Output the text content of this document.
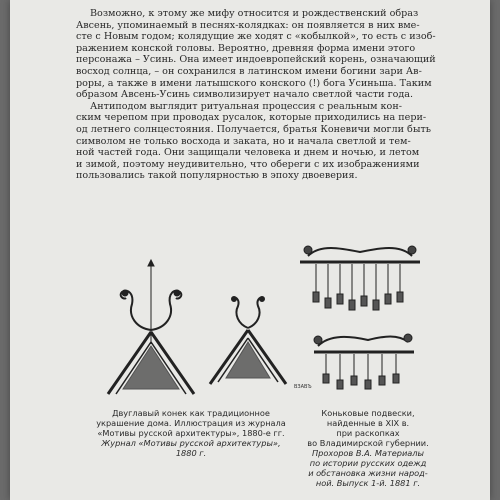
Возможно, к этому же мифу относится и рождественский образ
Авсень, упоминаемый в песнях-колядках: он появляется в них вме-
сте с Новым годом; колядущие же ходят с «кобылкой», то есть с изоб-
ражением конской головы. Вероятно, древняя форма имени этого
персонажа – Усинь. Она имеет индоевропейский корень, означающий
восход солнца, – он сохранился в латинском имени богини зари Ав-
роры, а также в имени латышского конского (!) бога Усиньша. Таким
образом Авсень-Усинь символизирует начало светлой части года.
Антиподом выглядит ритуальная процессия с реальным кон-
ским черепом при проводах русалок, которые приходились на пери-
од летнего солнцестояния. Получается, братья Коневичи могли быть
символом не только восхода и заката, но и начала светлой и тем-
ной частей года. Они защищали человека и днем и ночью, и летом
и зимой, поэтому неудивительно, что обереги с их изображениями
пользовались такой популярностью в эпоху двоеверия.
ВЗАВЪ
Двуглавый конек как традиционное
украшение дома. Иллюстрация из журнала
«Мотивы русской архитектуры», 1880-е гг.
Журнал «Мотивы русской архитектуры»,
1880 г.
Коньковые подвески,
найденные в XIX в.
при раскопках
во Владимирской губернии.
Прохоров В.А. Материалы
по истории русских одежд
и обстановка жизни народ-
ной. Выпуск 1-й. 1881 г.
